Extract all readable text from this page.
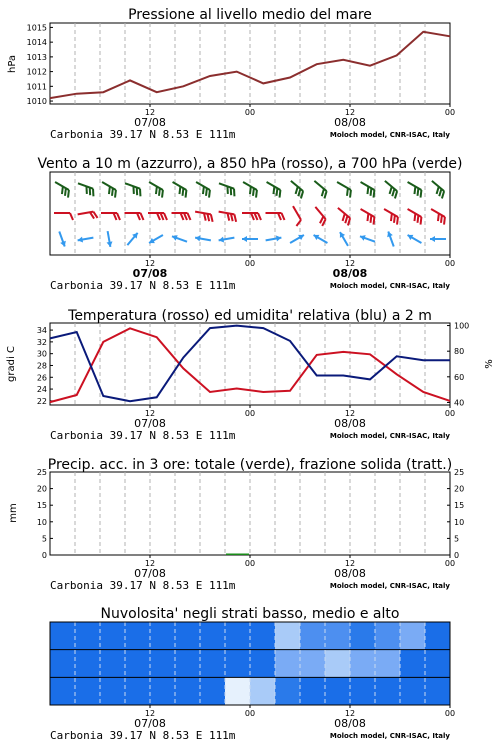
Pressione al livello medio del mare
1010
1011
1012
1013
1014
1015
hPa
12	00	12	00
07/08	08/08
Carbonia 39.17 N 8.53 E 111m	Moloch model, CNR-ISAC, Italy
Vento a 10 m (azzurro), a 850 hPa (rosso), a 700 hPa (verde)
12	00	12	00
07/08	08/08
Carbonia 39.17 N 8.53 E 111m	Moloch model, CNR-ISAC, Italy
Temperatura (rosso) ed umidita' relativa (blu) a 2 m
22
24
26
28
30
32
34
40
60
80
100
gradi C	%
12	00	12	00
07/08	08/08
Carbonia 39.17 N 8.53 E 111m	Moloch model, CNR-ISAC, Italy
Precip. acc. in 3 ore: totale (verde), frazione solida (tratt.)
0
5
10
15
20
25
0
5
10
15
20
25
mm
12	00	12	00
07/08	08/08
Carbonia 39.17 N 8.53 E 111m	Moloch model, CNR-ISAC, Italy
Nuvolosita' negli strati basso, medio e alto
12	00	12	00
07/08	08/08
Carbonia 39.17 N 8.53 E 111m	Moloch model, CNR-ISAC, Italy
